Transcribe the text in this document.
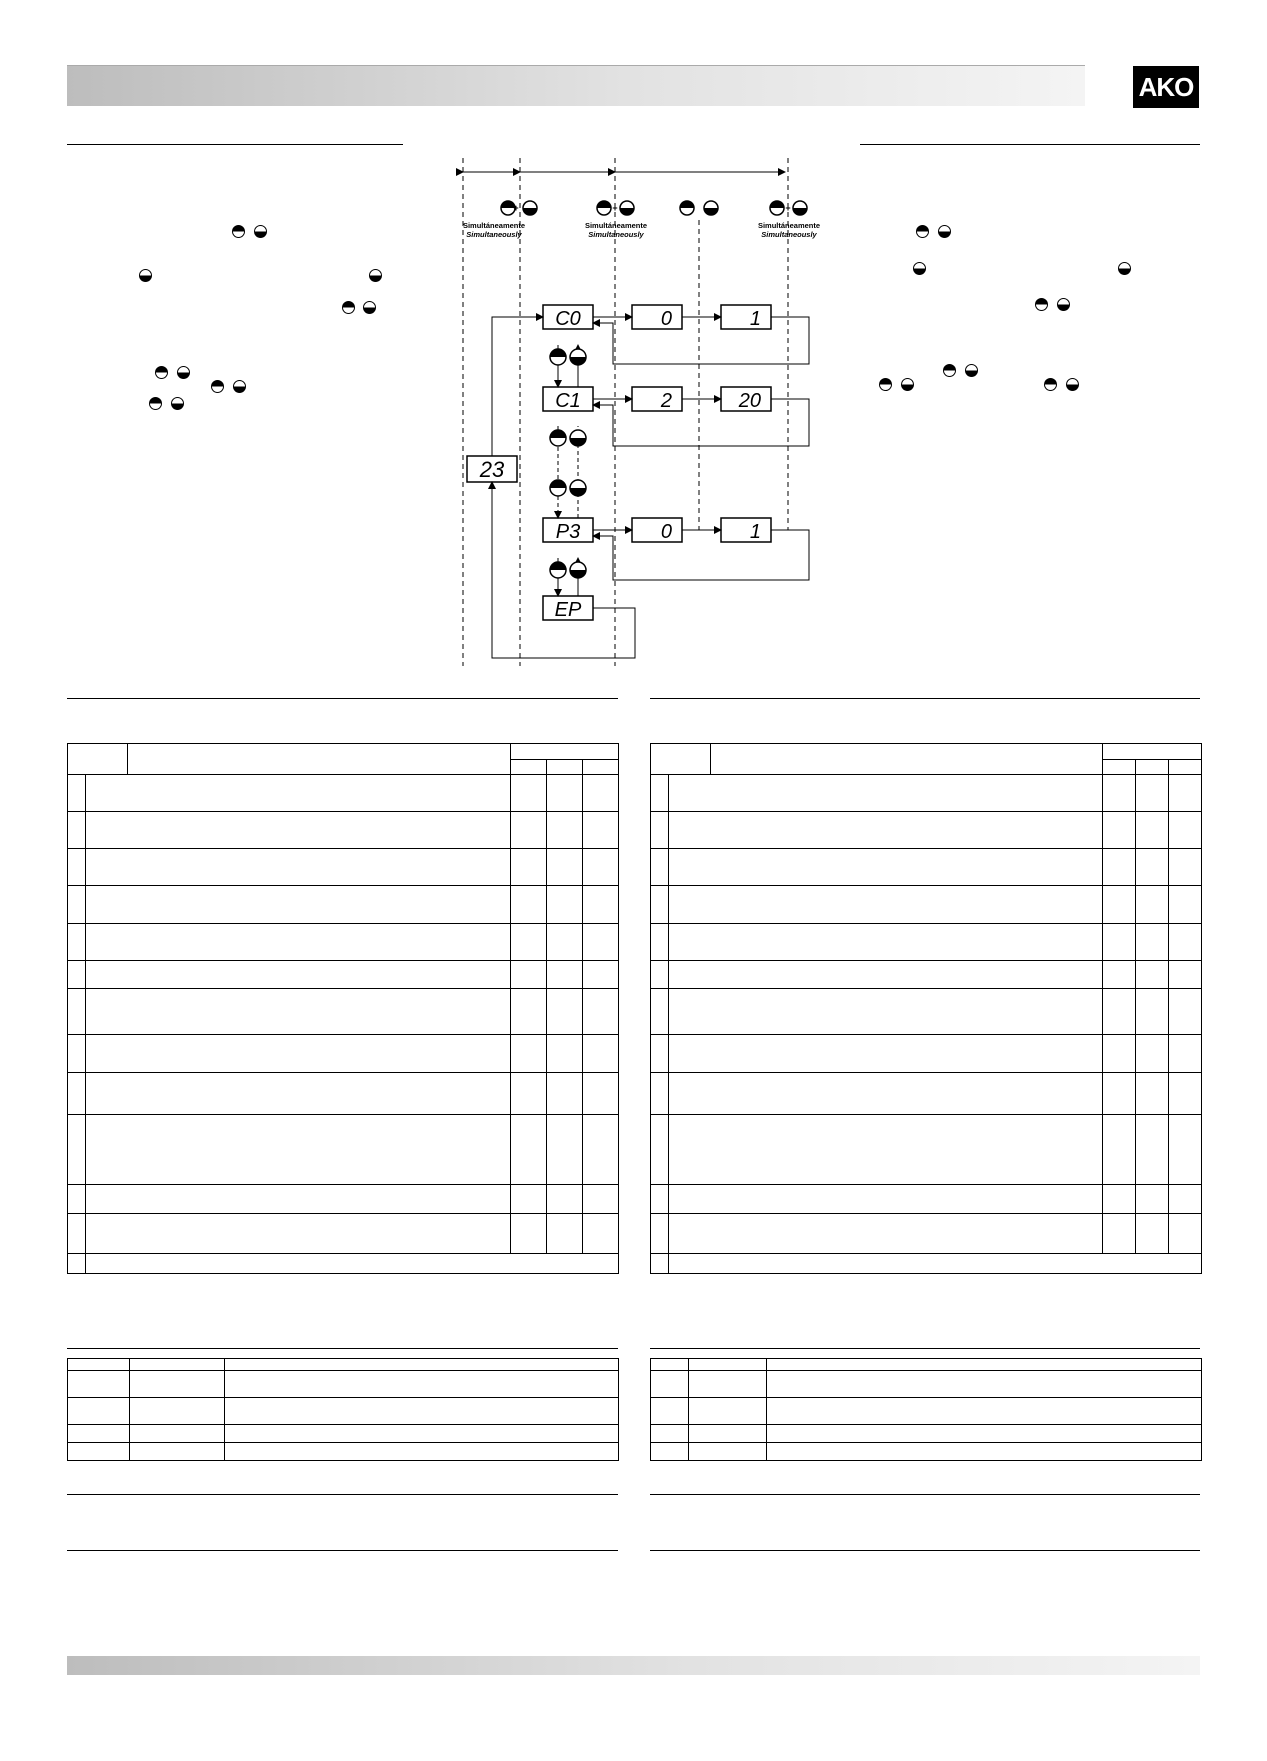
AKO
+	+	+
Simultáneamente
Simultaneously
Simultáneamente
Simultaneously
Simultáneamente
Simultaneously
23
C0
C1
P3
EP
0	1
2	20
0	1
